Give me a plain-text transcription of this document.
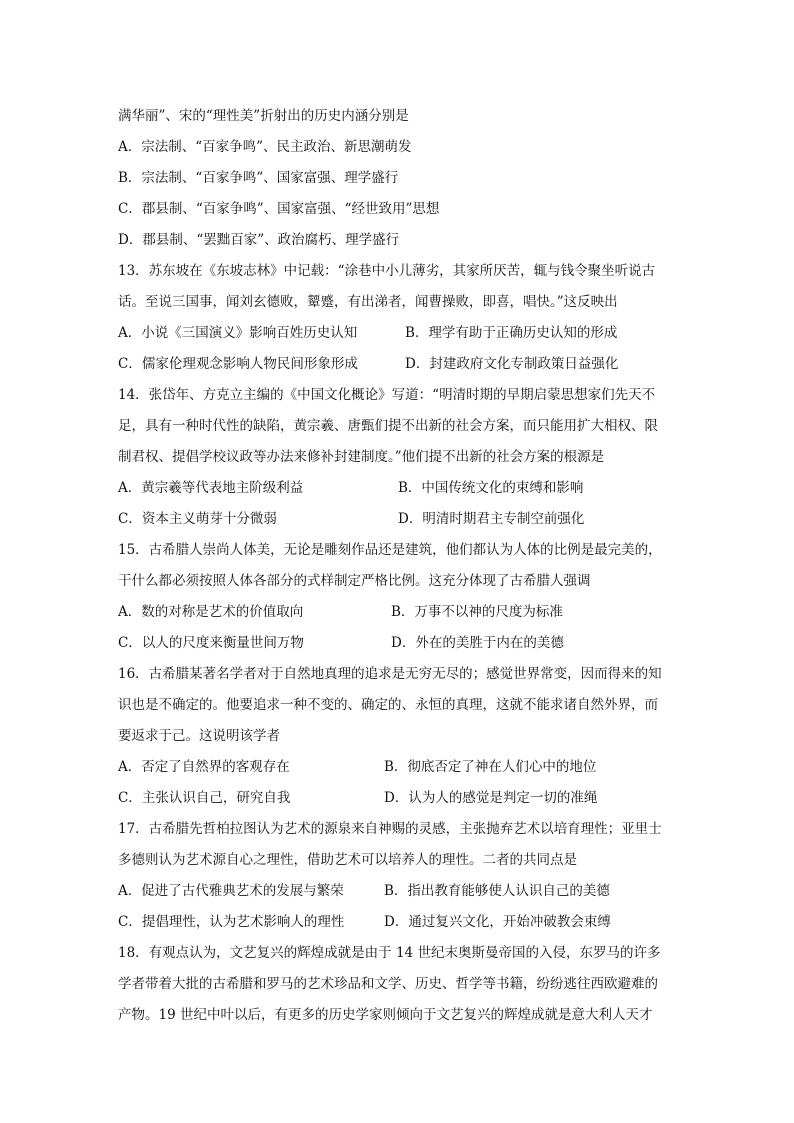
满华丽”、宋的“理性美”折射出的历史内涵分别是
A．宗法制、“百家争鸣”、民主政治、新思潮萌发
B．宗法制、“百家争鸣”、国家富强、理学盛行
C．郡县制、“百家争鸣”、国家富强、“经世致用”思想
D．郡县制、“罢黜百家”、政治腐朽、理学盛行
13．苏东坡在《东坡志林》中记载：“涂巷中小儿薄劣，其家所厌苦，辄与钱令聚坐听说古
话。至说三国事，闻刘玄德败，颦蹙，有出涕者，闻曹操败，即喜，唱快。”这反映出
A．小说《三国演义》影响百姓历史认知	B．理学有助于正确历史认知的形成
C．儒家伦理观念影响人物民间形象形成	D．封建政府文化专制政策日益强化
14．张岱年、方克立主编的《中国文化概论》写道：“明清时期的早期启蒙思想家们先天不
足，具有一种时代性的缺陷，黄宗羲、唐甄们提不出新的社会方案，而只能用扩大相权、限
制君权、提倡学校议政等办法来修补封建制度。”他们提不出新的社会方案的根源是
A．黄宗羲等代表地主阶级利益	B．中国传统文化的束缚和影响
C．资本主义萌芽十分微弱	D．明清时期君主专制空前强化
15．古希腊人崇尚人体美，无论是雕刻作品还是建筑，他们都认为人体的比例是最完美的，
干什么都必须按照人体各部分的式样制定严格比例。这充分体现了古希腊人强调
A．数的对称是艺术的价值取向	B．万事不以神的尺度为标准
C．以人的尺度来衡量世间万物	D．外在的美胜于内在的美德
16．古希腊某著名学者对于自然地真理的追求是无穷无尽的；感觉世界常变，因而得来的知
识也是不确定的。他要追求一种不变的、确定的、永恒的真理，这就不能求诸自然外界，而
要返求于己。这说明该学者
A．否定了自然界的客观存在	B．彻底否定了神在人们心中的地位
C．主张认识自己，研究自我	D．认为人的感觉是判定一切的准绳
17．古希腊先哲柏拉图认为艺术的源泉来自神赐的灵感，主张抛弃艺术以培育理性；亚里士
多德则认为艺术源自心之理性，借助艺术可以培养人的理性。二者的共同点是
A．促进了古代雅典艺术的发展与繁荣	B．指出教育能够使人认识自己的美德
C．提倡理性，认为艺术影响人的理性	D．通过复兴文化，开始冲破教会束缚
18．有观点认为，文艺复兴的辉煌成就是由于 14 世纪末奥斯曼帝国的入侵，东罗马的许多
学者带着大批的古希腊和罗马的艺术珍品和文学、历史、哲学等书籍，纷纷逃往西欧避难的
产物。19 世纪中叶以后，有更多的历史学家则倾向于文艺复兴的辉煌成就是意大利人天才
